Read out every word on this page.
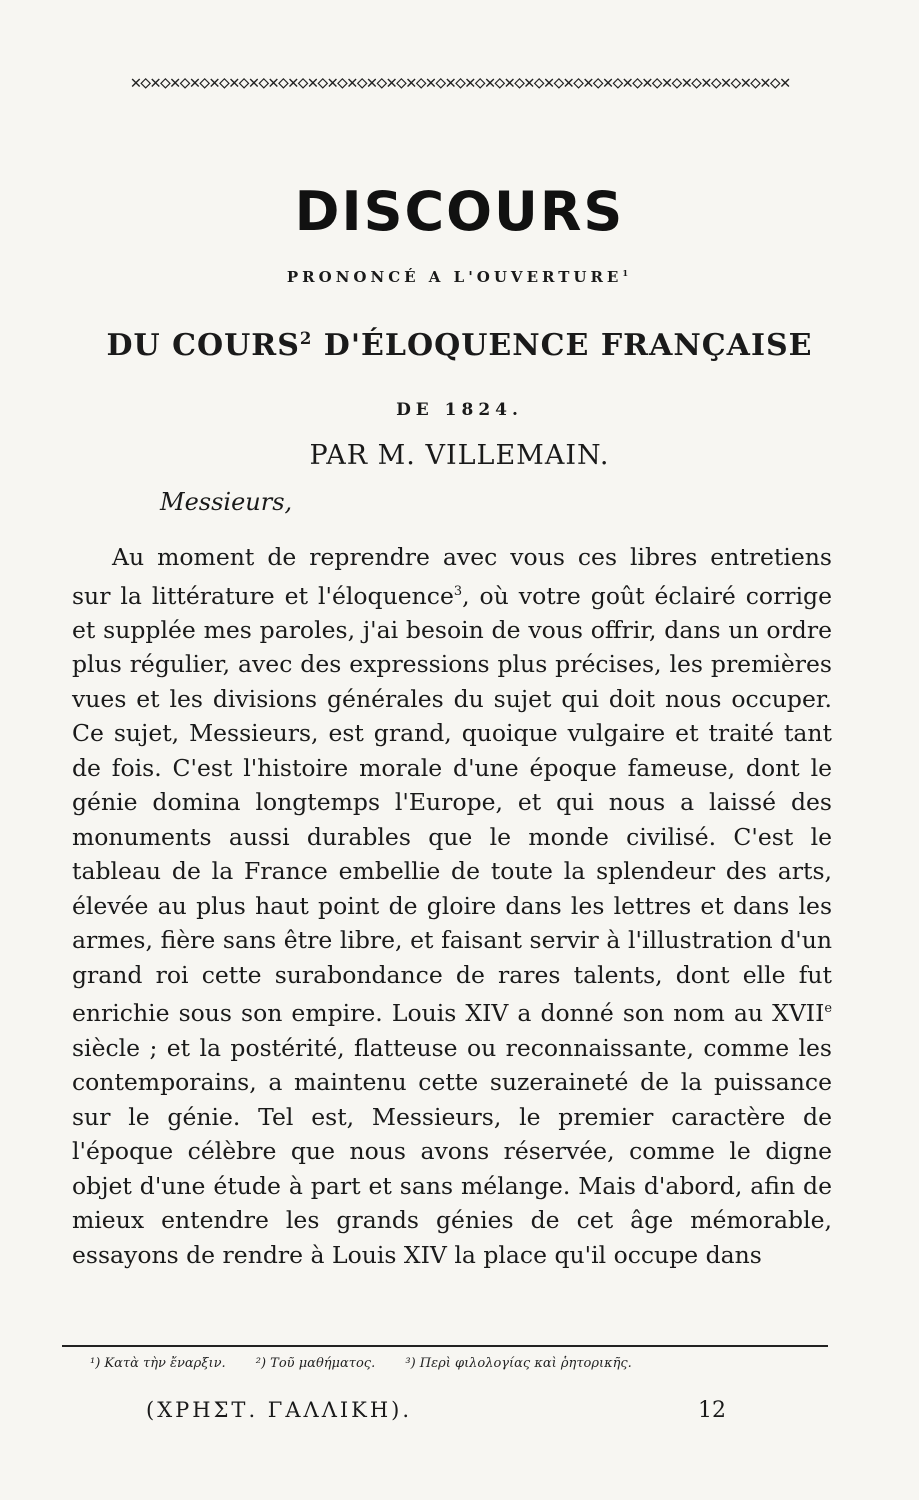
✕◇✕◇✕◇✕◇✕◇✕◇✕◇✕◇✕◇✕◇✕◇✕◇✕◇✕◇✕◇✕◇✕◇✕◇✕◇✕◇✕◇✕◇✕◇✕◇✕◇✕◇✕◇✕◇✕◇✕◇✕◇✕◇✕◇✕
DISCOURS
PRONONCÉ A L'OUVERTURE$^1$
DU COURS$^2$ D'ÉLOQUENCE FRANÇAISE
DE 1824.
PAR M. VILLEMAIN.
Messieurs,
Au moment de reprendre avec vous ces libres entretiens sur la littérature et l'éloquence$^3$, où votre goût éclairé corrige et supplée mes paroles, j'ai besoin de vous offrir, dans un ordre plus régulier, avec des expressions plus précises, les premières vues et les divisions générales du sujet qui doit nous occuper. Ce sujet, Messieurs, est grand, quoique vulgaire et traité tant de fois. C'est l'histoire morale d'une époque fameuse, dont le génie domina longtemps l'Europe, et qui nous a laissé des monuments aussi durables que le monde civilisé. C'est le tableau de la France embellie de toute la splendeur des arts, élevée au plus haut point de gloire dans les lettres et dans les armes, fière sans être libre, et faisant servir à l'illustration d'un grand roi cette surabondance de rares talents, dont elle fut enrichie sous son empire. Louis XIV a donné son nom au XVIIe siècle ; et la postérité, flatteuse ou reconnaissante, comme les contemporains, a maintenu cette suzeraineté de la puissance sur le génie. Tel est, Messieurs, le premier caractère de l'époque célèbre que nous avons réservée, comme le digne objet d'une étude à part et sans mélange. Mais d'abord, afin de mieux entendre les grands génies de cet âge mémorable, essayons de rendre à Louis XIV la place qu'il occupe dans
¹) Κατὰ τὴν ἔναρξιν. ²) Τοῦ μαθήματος. ³) Περὶ φιλολογίας καὶ ῥητορικῆς.
(ΧΡΗΣΤ. ΓΑΛΛΙΚΗ).	12
